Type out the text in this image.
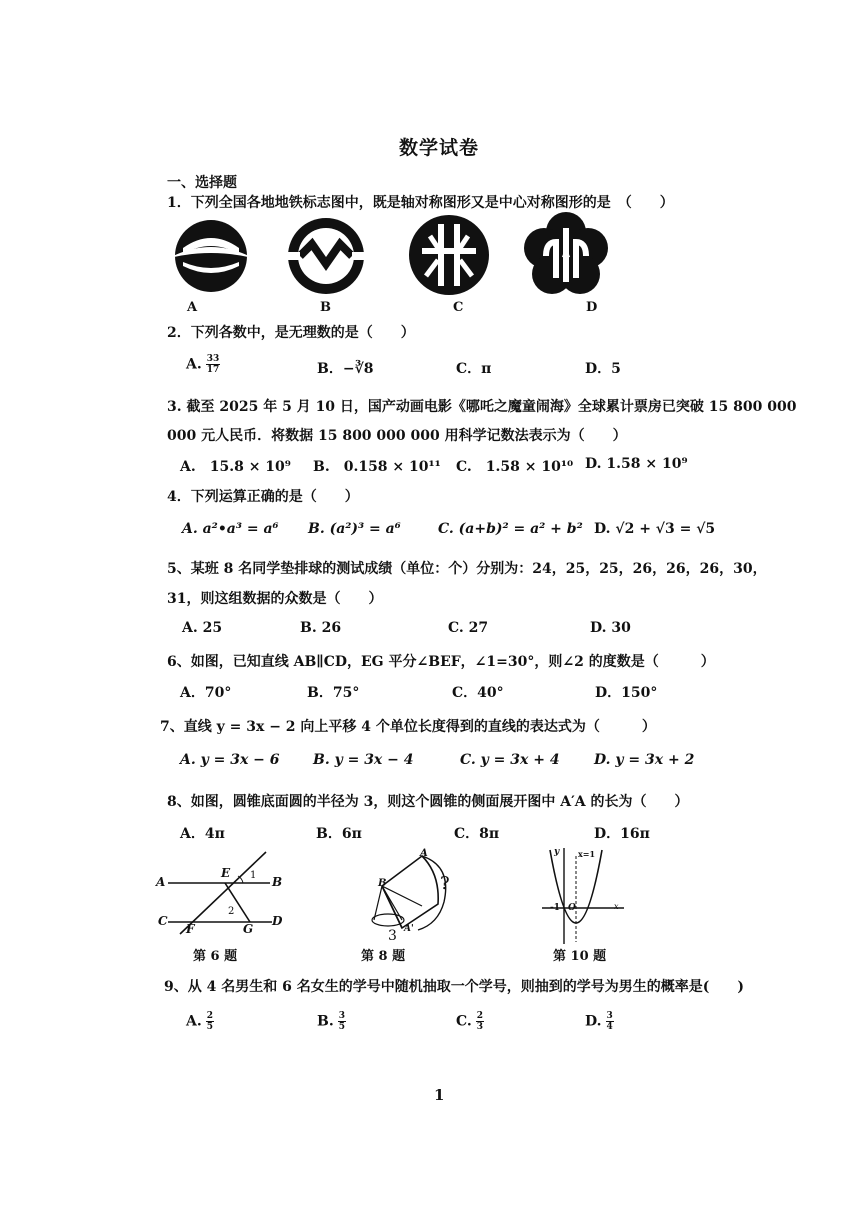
数学试卷
一、选择题
1．下列全国各地地铁标志图中，既是轴对称图形又是中心对称图形的是　（　　）
A	B	C	D
2．下列各数中，是无理数的是（　　）
A. $\frac{33}{17}$	B．−∛8	C．π	D．5
3. 截至 2025 年 5 月 10 日，国产动画电影《哪吒之魔童闹海》全球累计票房已突破 15 800 000
000 元人民币．将数据 15 800 000 000 用科学记数法表示为（　　）
A.　15.8 × 10⁹ B.　0.158 × 10¹¹ C.　1.58 × 10¹⁰ D. 1.58 × 10⁹
4．下列运算正确的是（　　）
A. a²•a³ = a⁶ B. (a²)³ = a⁶	C. (a+b)² = a² + b² D. √2 + √3 = √5
5、某班 8 名同学垫排球的测试成绩（单位：个）分别为：24，25，25，26，26，26，30，
31，则这组数据的众数是（　　）
A. 25	B. 26	C. 27	D. 30
6、如图，已知直线 AB∥CD，EG 平分∠BEF，∠1=30°，则∠2 的度数是（　　　）
A．70°	B．75°	C．40°	D．150°
7、直线 y = 3x − 2 向上平移 4 个单位长度得到的直线的表达式为（　　　）
A. y = 3x − 6 B. y = 3x − 4	C. y = 3x + 4 D. y = 3x + 2
8、如图，圆锥底面圆的半径为 3，则这个圆锥的侧面展开图中 A′A 的长为（　　）
A．4π	B．6π	C．8π	D．16π
A	B
C	D
E
F	G
1
2
第 6 题
A
B
A'
?
3
第 8 题
y x=1
x
-1 O
第 10 题
9、从 4 名男生和 6 名女生的学号中随机抽取一个学号，则抽到的学号为男生的概率是(　　)
A. $\frac{2}{5}$	B. $\frac{3}{5}$	C. $\frac{2}{3}$	D. $\frac{3}{4}$
1
